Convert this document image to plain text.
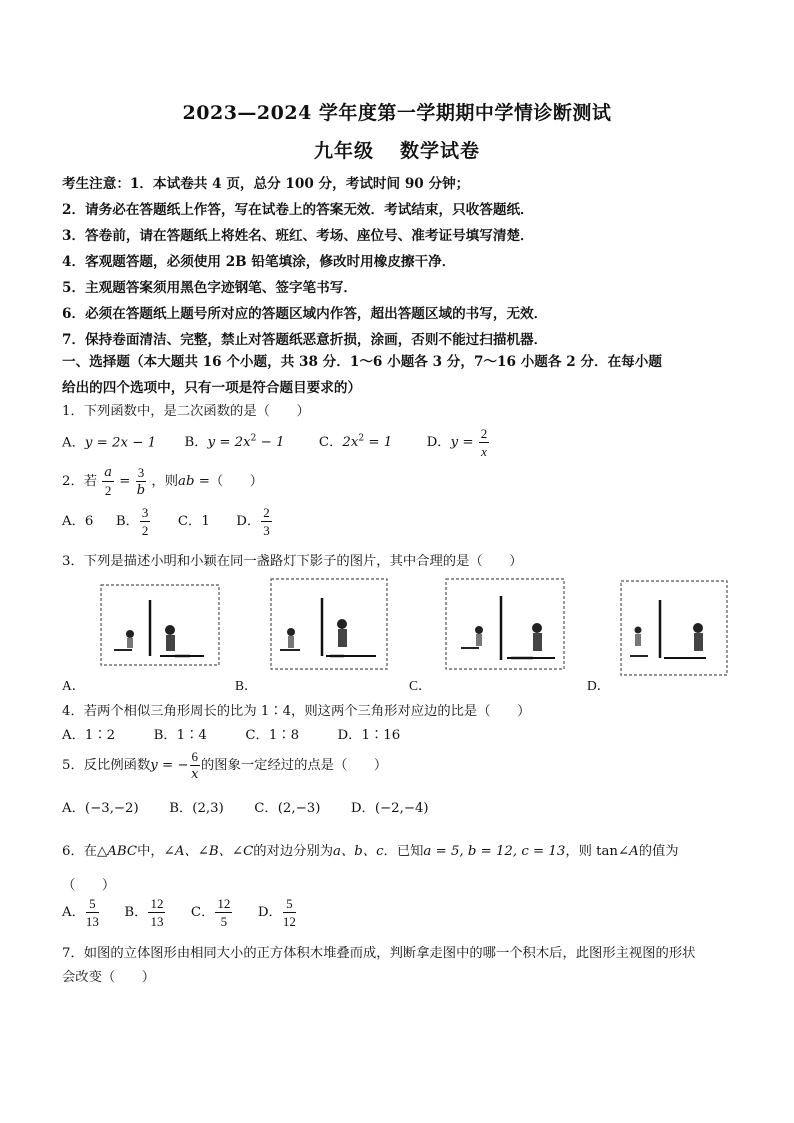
2023—2024 学年度第一学期期中学情诊断测试
九年级 数学试卷
考生注意：1．本试卷共 4 页，总分 100 分，考试时间 90 分钟；
2．请务必在答题纸上作答，写在试卷上的答案无效．考试结束，只收答题纸．
3．答卷前，请在答题纸上将姓名、班红、考场、座位号、准考证号填写清楚．
4．客观题答题，必须使用 2B 铅笔填涂，修改时用橡皮擦干净．
5．主观题答案须用黑色字迹钢笔、签字笔书写．
6．必须在答题纸上题号所对应的答题区域内作答，超出答题区域的书写，无效．
7．保持卷面清洁、完整，禁止对答题纸恶意折损，涂画，否则不能过扫描机器．
一、选择题（本大题共 16 个小题，共 38 分．1～6 小题各 3 分，7～16 小题各 2 分．在每小题
给出的四个选项中，只有一项是符合题目要求的）
1．下列函数中，是二次函数的是（　　）
A．y = 2x − 1 B．$y = 2x^2 - 1$	C．$2x^2 = 1$	D．$y = \frac{2}{x}$
2．若 $\frac{a}{2} = \frac{3}{b}$ ，则ab =（　　）
A．6 B． $\frac{3}{2}$ C．1 D． $\frac{2}{3}$
3．下列是描述小明和小颖在同一盏路灯下影子的图片，其中合理的是（　　）
A．	B．	C．	D．
4．若两个相似三角形周长的比为 1∶4，则这两个三角形对应边的比是（　　）
A．1∶2	B．1∶4	C．1∶8	D．1∶16
5．反比例函数y = − $\frac{6}{x}$ 的图象一定经过的点是（　　）
A．(−3,−2) B．(2,3) C．(2,−3) D．(−2,−4)
6．在△ABC中，∠A、∠B、∠C的对边分别为a、b、c．已知a = 5, b = 12, c = 13，则 tan∠A的值为
（　　）
A． $\frac{5}{13}$ B． $\frac{12}{13}$ C． $\frac{12}{5}$ D． $\frac{5}{12}$
7．如图的立体图形由相同大小的正方体积木堆叠而成，判断拿走图中的哪一个积木后，此图形主视图的形状
会改变（　　）
